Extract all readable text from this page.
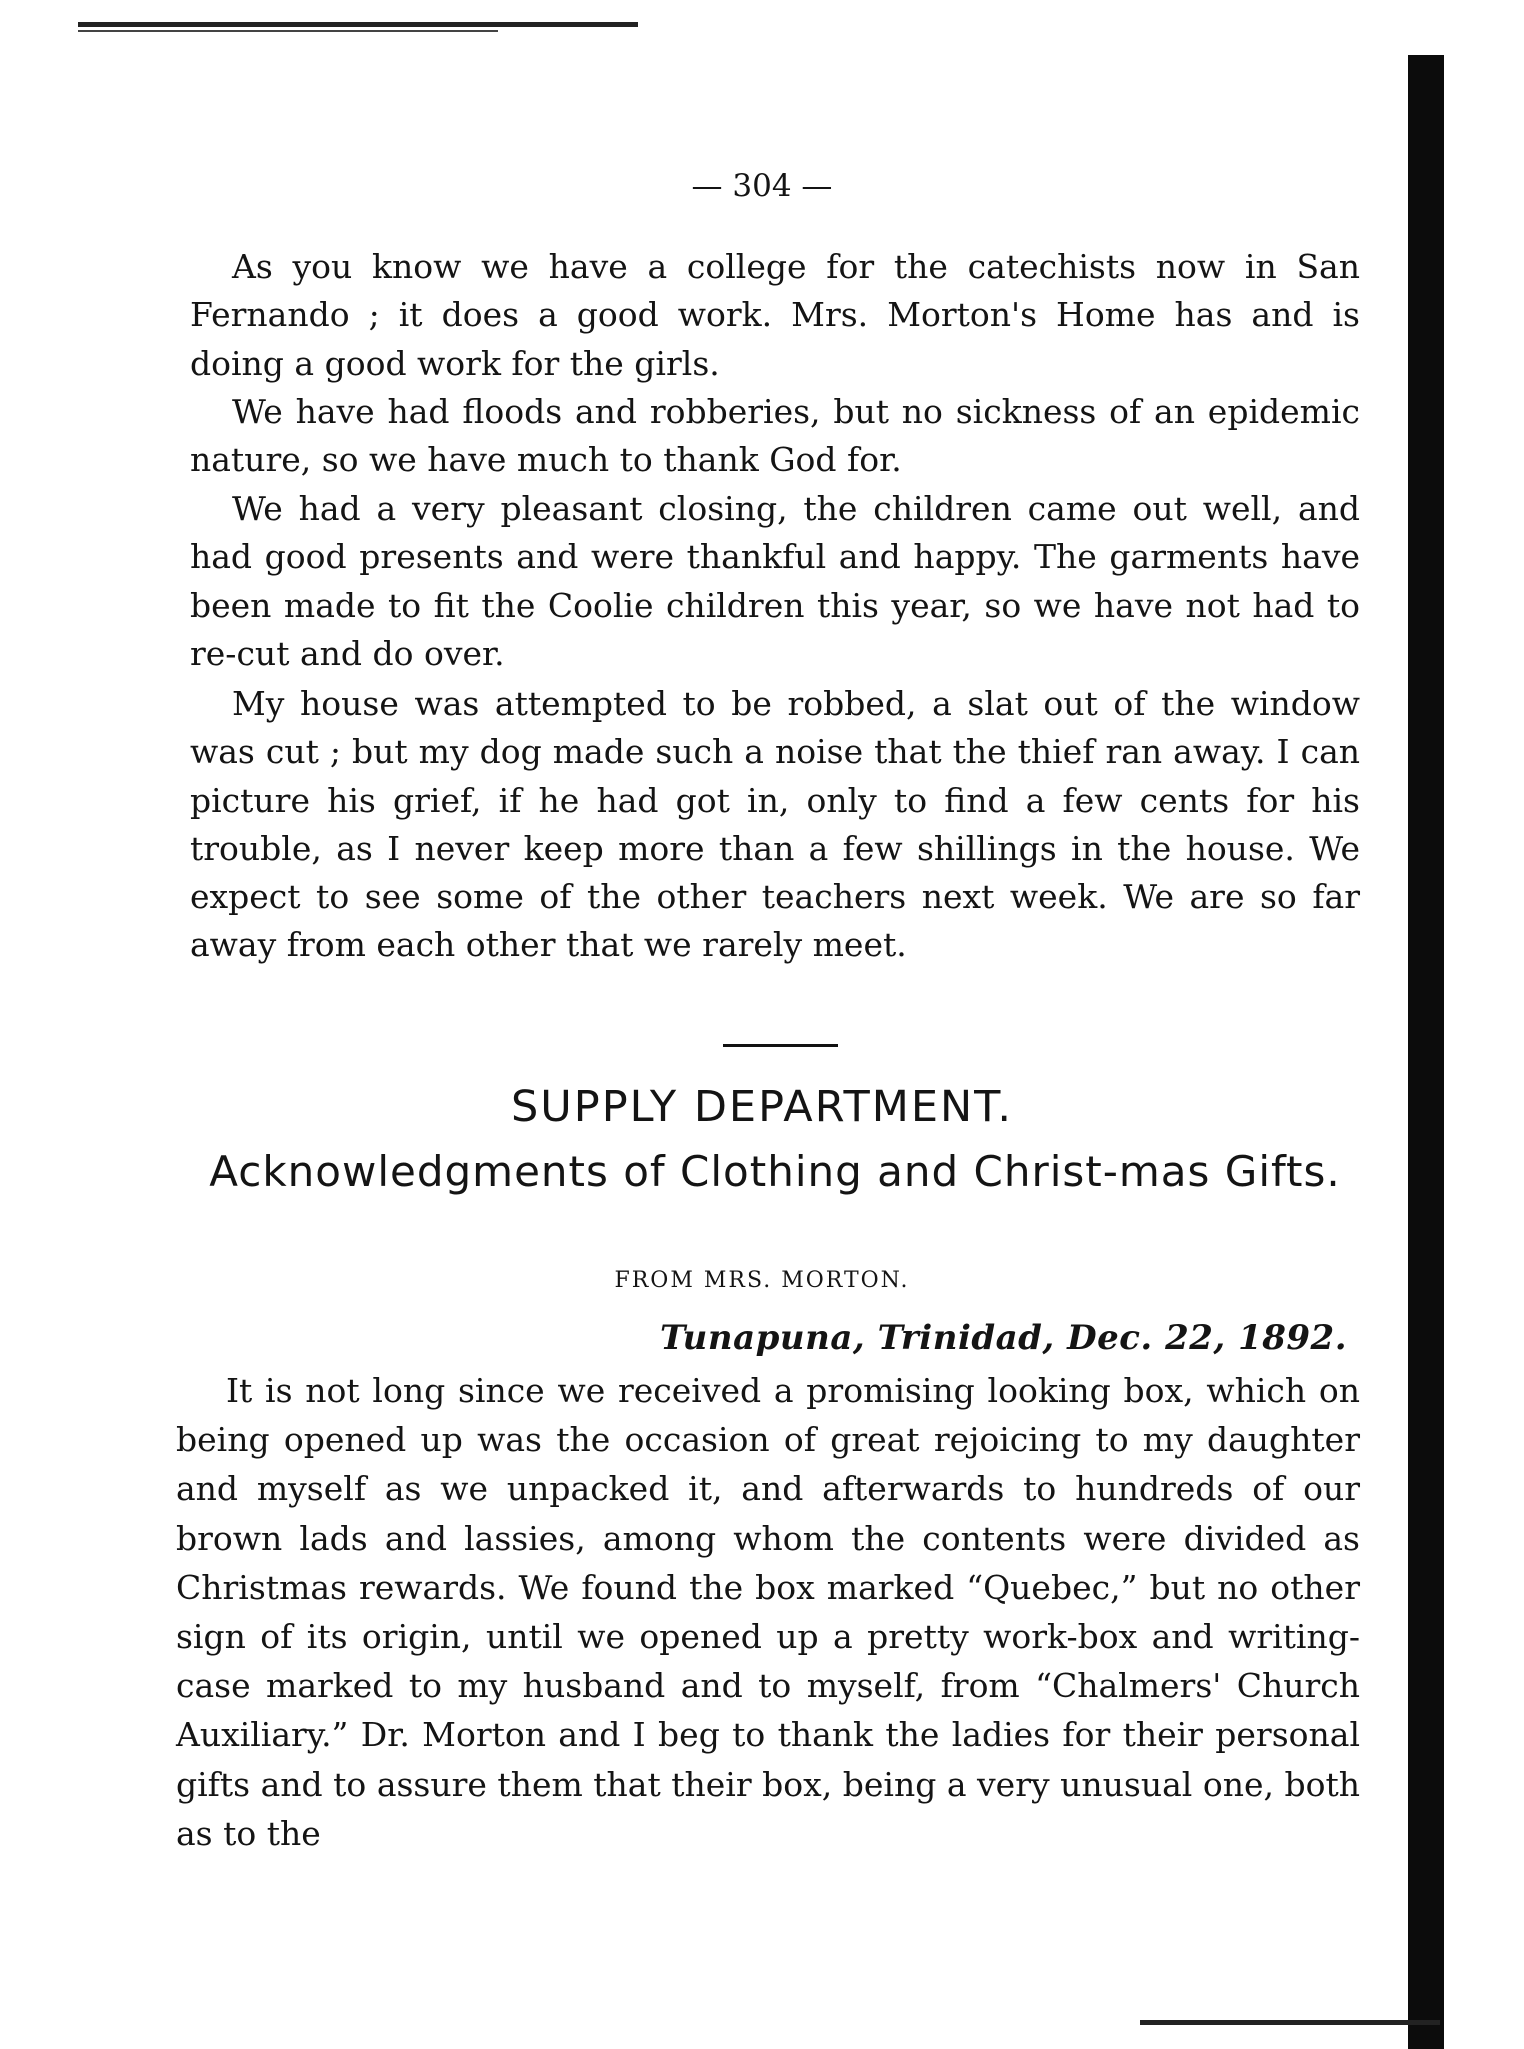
— 304 —

As you know we have a college for the catechists now in San Fernando ; it does a good work. Mrs. Morton's Home has and is doing a good work for the girls.

We have had floods and robberies, but no sickness of an epidemic nature, so we have much to thank God for.

We had a very pleasant closing, the children came out well, and had good presents and were thankful and happy. The garments have been made to fit the Coolie children this year, so we have not had to re-cut and do over.

My house was attempted to be robbed, a slat out of the window was cut ; but my dog made such a noise that the thief ran away. I can picture his grief, if he had got in, only to find a few cents for his trouble, as I never keep more than a few shillings in the house. We expect to see some of the other teachers next week. We are so far away from each other that we rarely meet.

SUPPLY DEPARTMENT.
Acknowledgments of Clothing and Christ-mas Gifts.
FROM MRS. MORTON.
Tunapuna, Trinidad, Dec. 22, 1892.

It is not long since we received a promising looking box, which on being opened up was the occasion of great rejoicing to my daughter and myself as we unpacked it, and afterwards to hundreds of our brown lads and lassies, among whom the contents were divided as Christmas rewards. We found the box marked “Quebec,” but no other sign of its origin, until we opened up a pretty work-box and writing-case marked to my husband and to myself, from “Chalmers' Church Auxiliary.” Dr. Morton and I beg to thank the ladies for their personal gifts and to assure them that their box, being a very unusual one, both as to the
